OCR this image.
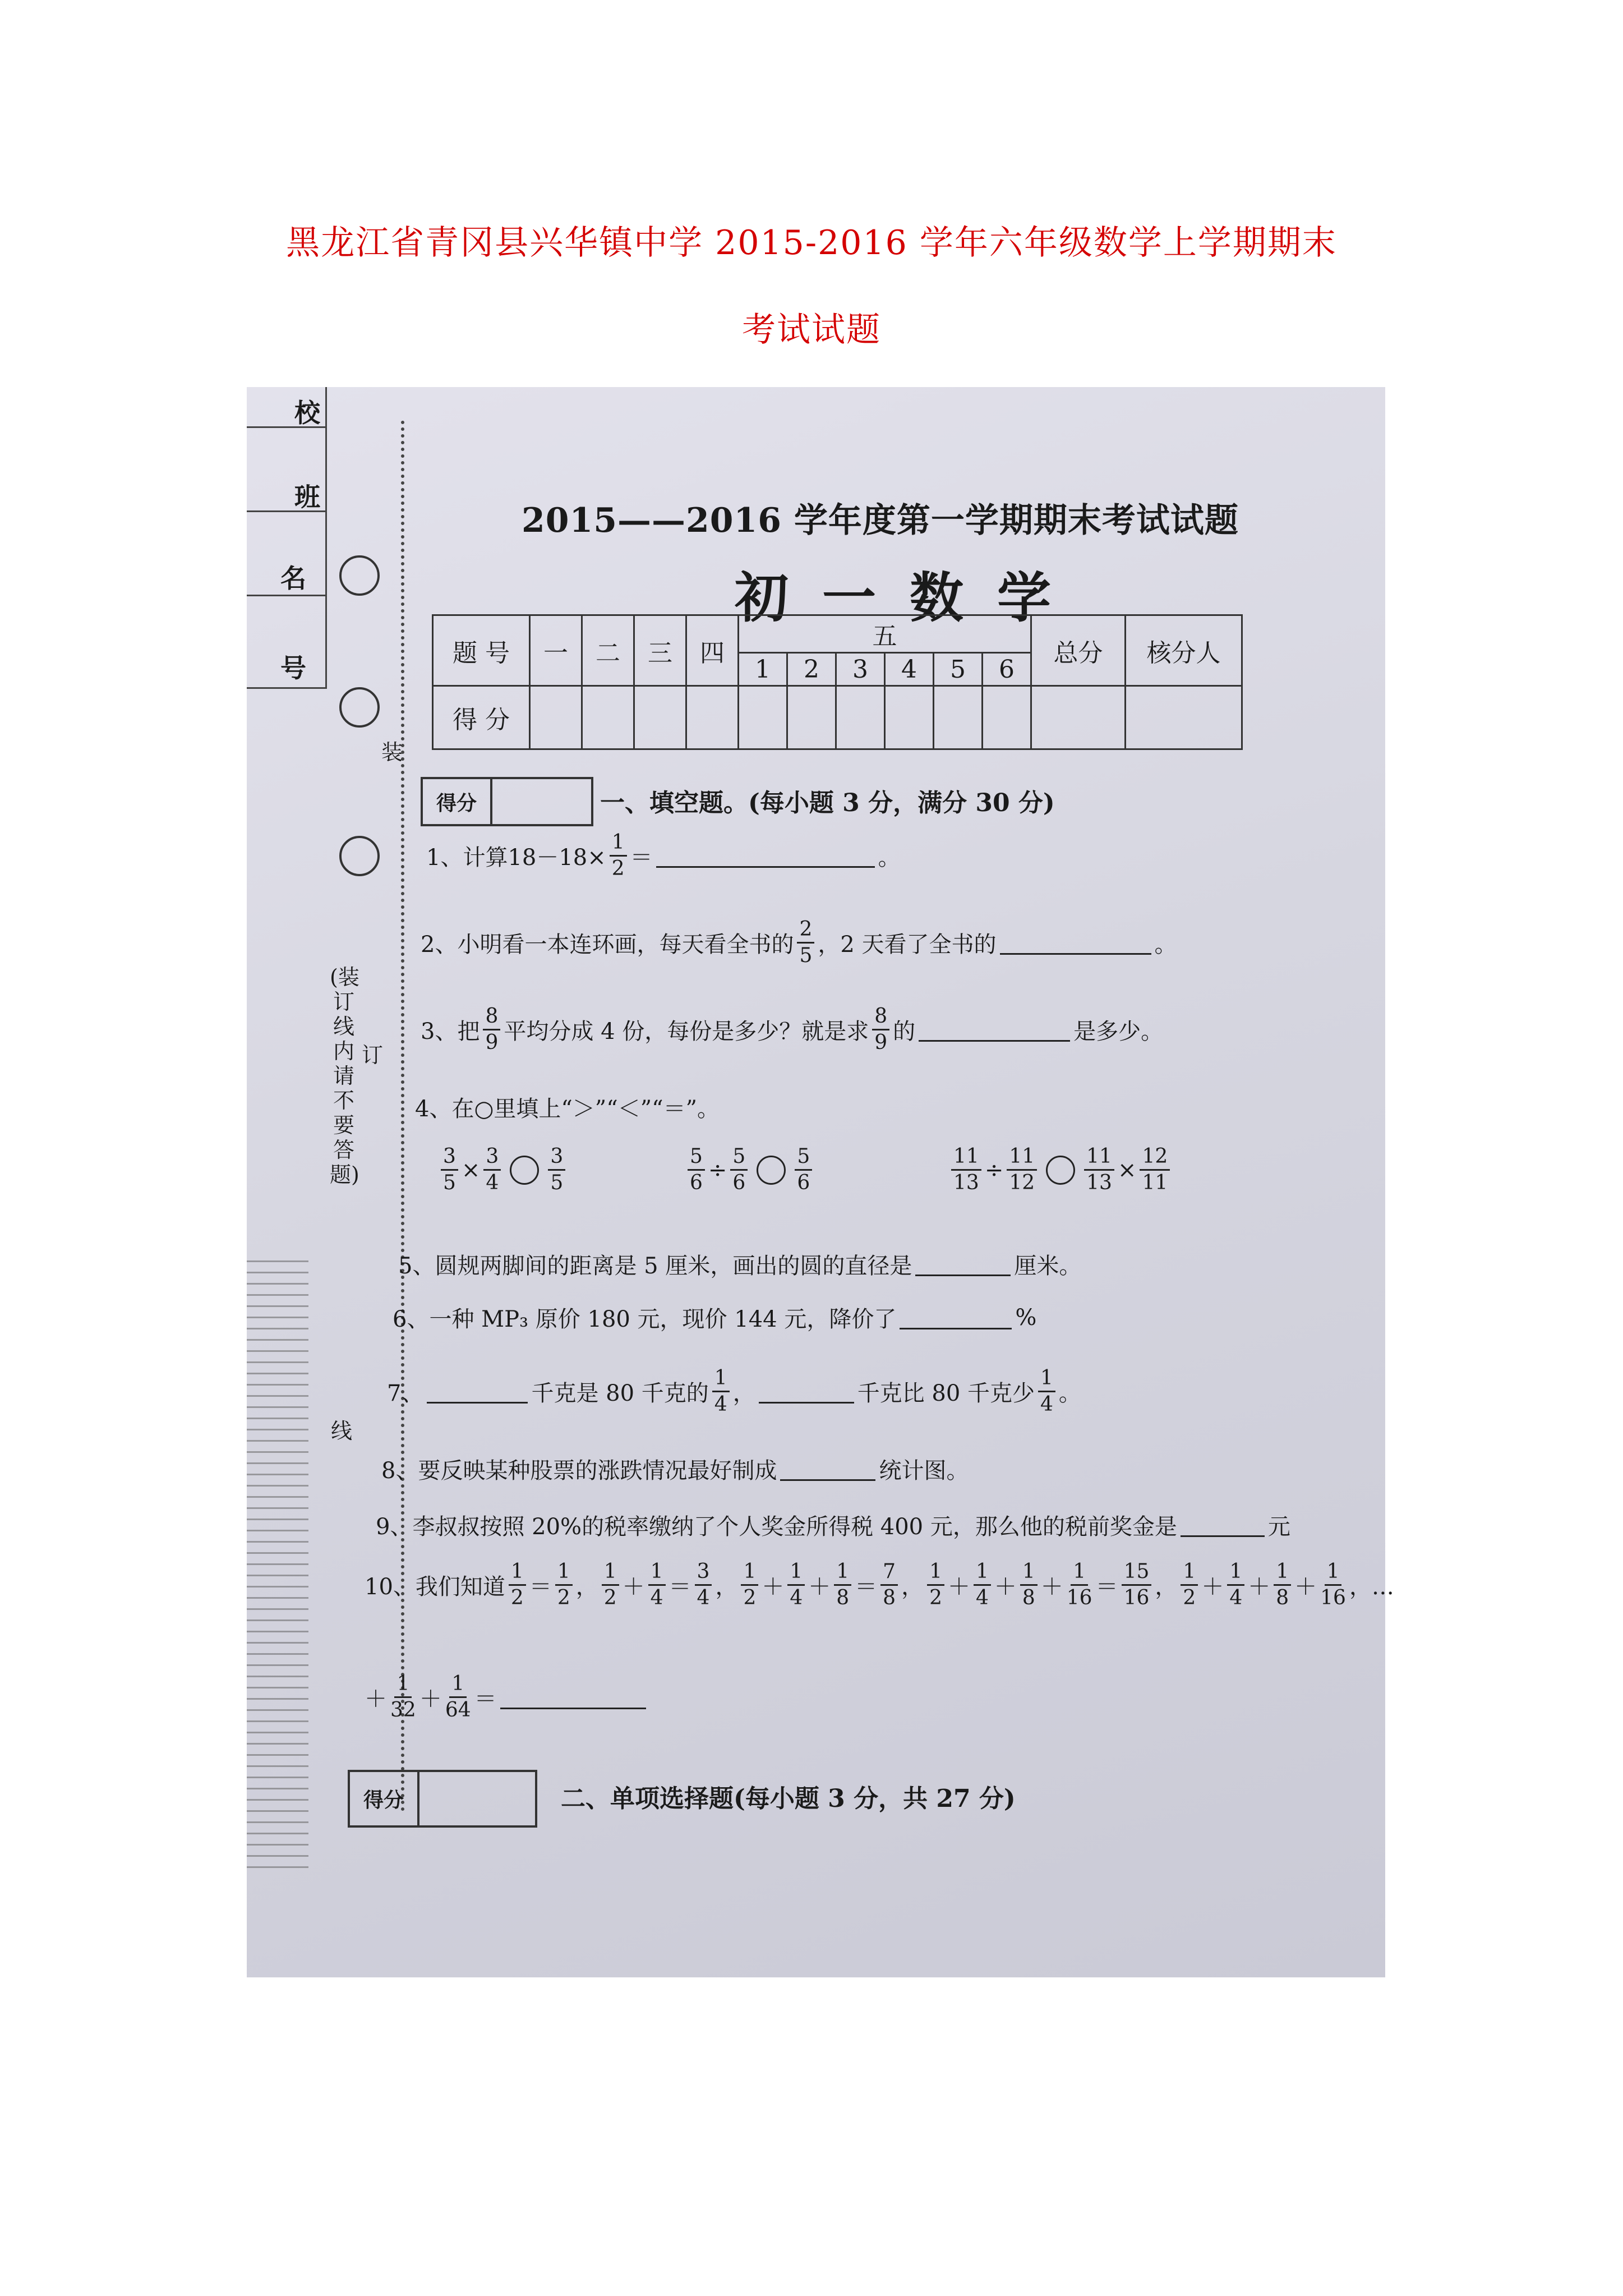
黑龙江省青冈县兴华镇中学 2015-2016 学年六年级数学上学期期末
考试试题
校
班
名
号
装
订
线
(装订线内请不要答题)
2015——2016 学年度第一学期期末考试试题
初一数学
题 号	一	二	三	四	五						总分	核分人
					1	2	3	4	5	6		
得 分												
得分	一、填空题。(每小题 3 分，满分 30 分)
1、计算$18-18\times \frac{1}{2}$ ＝	。
2、小明看一本连环画，每天看全书的 $\frac{2}{5}$ ，2 天看了全书的	。
3、把 $\frac{8}{9}$ 平均分成 4 份，每份是多少？就是求 $\frac{8}{9}$ 的	是多少。
4、在○里填上“＞”“＜”“＝”。
$\frac{3}{5} \times \frac{3}{4} \frac{3}{5}$	$\frac{5}{6} \div \frac{5}{6} \frac{5}{6}$	$\frac{11}{13} \div \frac{11}{12} \frac{11}{13} \times \frac{12}{11}$
5、圆规两脚间的距离是 5 厘米，画出的圆的直径是	厘米。
6、一种 MP₃ 原价 180 元，现价 144 元，降价了	%
7、	千克是 80 千克的 $\frac{1}{4}$ ，	千克比 80 千克少 $\frac{1}{4}$ 。
8、要反映某种股票的涨跌情况最好制成	统计图。
9、李叔叔按照 20%的税率缴纳了个人奖金所得税 400 元，那么他的税前奖金是	元
10、我们知道 $\frac{1}{2} = \frac{1}{2}$ ， $\frac{1}{2} + \frac{1}{4} = \frac{3}{4}$ ， $\frac{1}{2} + \frac{1}{4} + \frac{1}{8} = \frac{7}{8}$ ， $\frac{1}{2} + \frac{1}{4} + \frac{1}{8} + \frac{1}{16} = \frac{15}{16}$ ， $\frac{1}{2} + \frac{1}{4} + \frac{1}{8} + \frac{1}{16}$ ，…
＋ $\frac{1}{32} + \frac{1}{64}$ ＝
得分	二、单项选择题(每小题 3 分，共 27 分)
